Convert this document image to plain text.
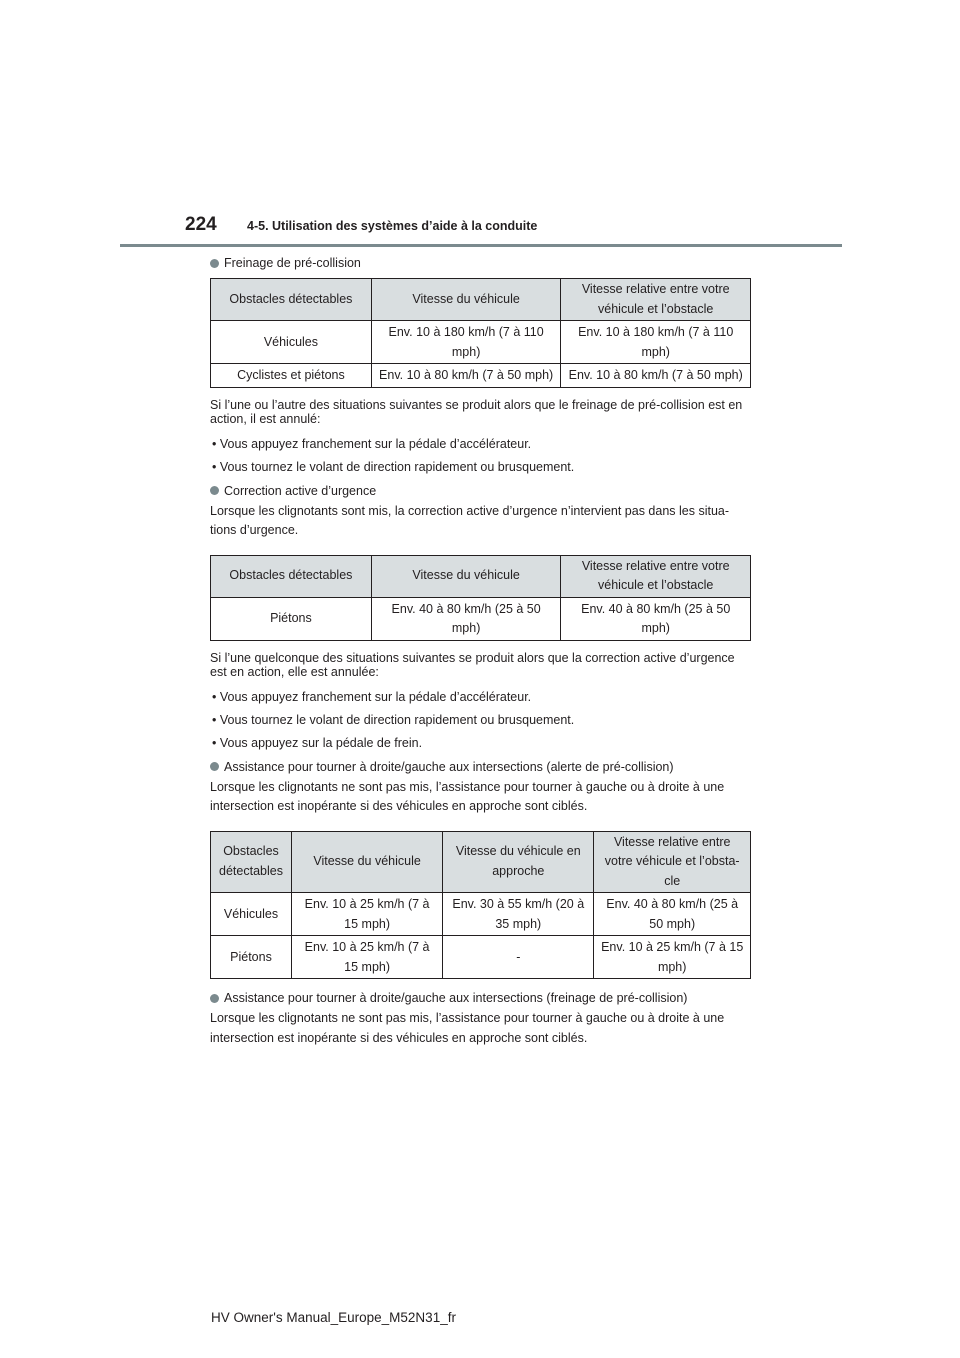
224 4-5. Utilisation des systèmes d’aide à la conduite
Freinage de pré-collision
Obstacles détectables	Vitesse du véhicule	Vitesse relative entre votre véhicule et l’obstacle
Véhicules	Env. 10 à 180 km/h (7 à 110 mph)	Env. 10 à 180 km/h (7 à 110 mph)
Cyclistes et piétons	Env. 10 à 80 km/h (7 à 50 mph)	Env. 10 à 80 km/h (7 à 50 mph)

Si l’une ou l’autre des situations suivantes se produit alors que le freinage de pré-collision est en action, il est annulé:

• Vous appuyez franchement sur la pédale d’accélérateur.
• Vous tournez le volant de direction rapidement ou brusquement.
Correction active d’urgence

Lorsque les clignotants sont mis, la correction active d’urgence n’intervient pas dans les situa-tions d’urgence.

Obstacles détectables	Vitesse du véhicule	Vitesse relative entre votre véhicule et l’obstacle
Piétons	Env. 40 à 80 km/h (25 à 50 mph)	Env. 40 à 80 km/h (25 à 50 mph)

Si l’une quelconque des situations suivantes se produit alors que la correction active d’urgence est en action, elle est annulée:

• Vous appuyez franchement sur la pédale d’accélérateur.
• Vous tournez le volant de direction rapidement ou brusquement.
• Vous appuyez sur la pédale de frein.
Assistance pour tourner à droite/gauche aux intersections (alerte de pré-collision)

Lorsque les clignotants ne sont pas mis, l’assistance pour tourner à gauche ou à droite à une intersection est inopérante si des véhicules en approche sont ciblés.

Obstacles détectables	Vitesse du véhicule	Vitesse du véhicule en approche	Vitesse relative entre votre véhicule et l’obsta-cle
Véhicules	Env. 10 à 25 km/h (7 à 15 mph)	Env. 30 à 55 km/h (20 à 35 mph)	Env. 40 à 80 km/h (25 à 50 mph)
Piétons	Env. 10 à 25 km/h (7 à 15 mph)	-	Env. 10 à 25 km/h (7 à 15 mph)
Assistance pour tourner à droite/gauche aux intersections (freinage de pré-collision)

Lorsque les clignotants ne sont pas mis, l’assistance pour tourner à gauche ou à droite à une intersection est inopérante si des véhicules en approche sont ciblés.

HV Owner's Manual_Europe_M52N31_fr
